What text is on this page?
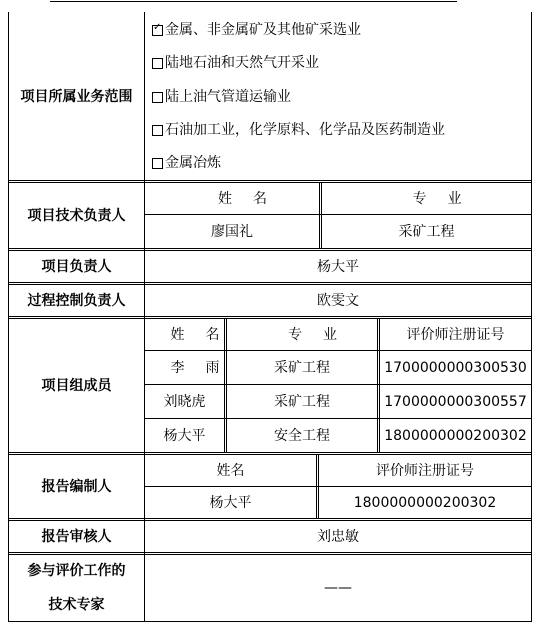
项目所属业务范围
✓ 金属、非金属矿及其他矿采选业
陆地石油和天然气开采业
陆上油气管道运输业
石油加工业，化学原料、化学品及医药制造业
金属冶炼
项目技术负责人
姓名	专业
廖国礼	采矿工程
项目负责人	杨大平
过程控制负责人	欧雯文
项目组成员
姓名	专业	评价师注册证号
李雨	采矿工程	1700000000300530
刘晓虎	采矿工程	1700000000300557
杨大平	安全工程	1800000000200302
报告编制人
姓名	评价师注册证号
杨大平	1800000000200302
报告审核人	刘忠敏
参与评价工作的
技术专家
——
